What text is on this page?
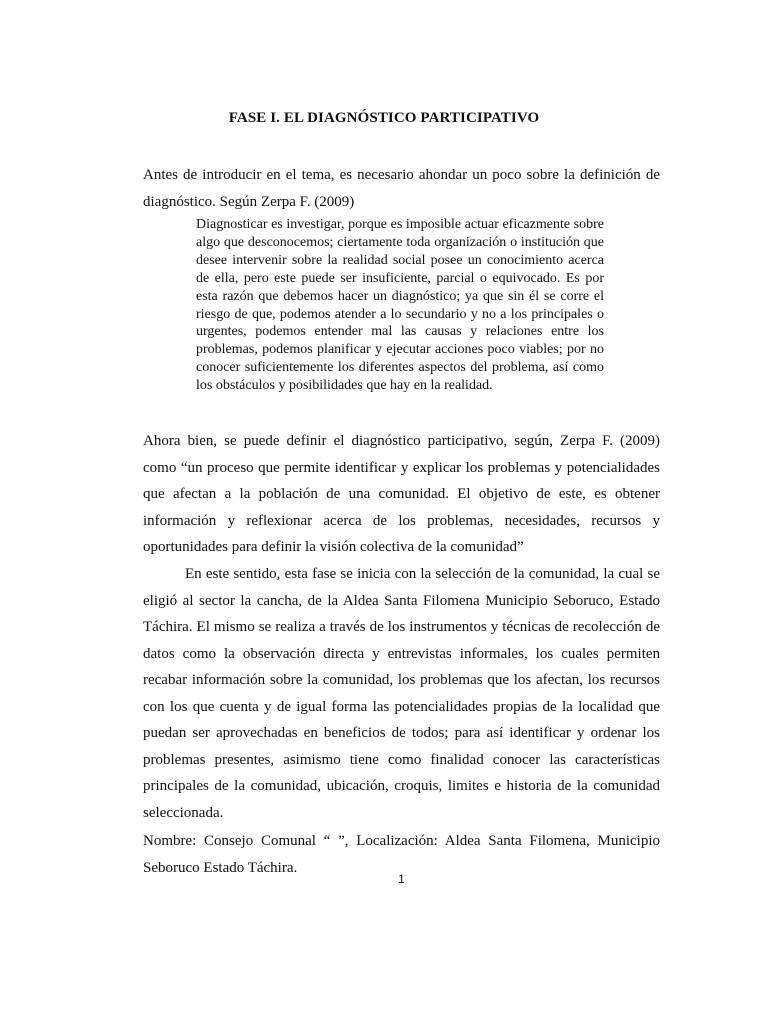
FASE I. EL DIAGNÓSTICO PARTICIPATIVO

Antes de introducir en el tema, es necesario ahondar un poco sobre la definición de diagnóstico. Según Zerpa F. (2009)

Diagnosticar es investigar, porque es imposible actuar eficazmente sobre algo que desconocemos; ciertamente toda organización o institución que desee intervenir sobre la realidad social posee un conocimiento acerca de ella, pero este puede ser insuficiente, parcial o equivocado. Es por esta razón que debemos hacer un diagnóstico; ya que sin él se corre el riesgo de que, podemos atender a lo secundario y no a los principales o urgentes, podemos entender mal las causas y relaciones entre los problemas, podemos planificar y ejecutar acciones poco viables; por no conocer suficientemente los diferentes aspectos del problema, así como los obstáculos y posibilidades que hay en la realidad.

Ahora bien, se puede definir el diagnóstico participativo, según, Zerpa F. (2009) como “un proceso que permite identificar y explicar los problemas y potencialidades que afectan a la población de una comunidad. El objetivo de este, es obtener información y reflexionar acerca de los problemas, necesidades, recursos y oportunidades para definir la visión colectiva de la comunidad”

En este sentido, esta fase se inicia con la selección de la comunidad, la cual se eligió al sector la cancha, de la Aldea Santa Filomena Municipio Seboruco, Estado Táchira. El mismo se realiza a través de los instrumentos y técnicas de recolección de datos como la observación directa y entrevistas informales, los cuales permiten recabar información sobre la comunidad, los problemas que los afectan, los recursos con los que cuenta y de igual forma las potencialidades propias de la localidad que puedan ser aprovechadas en beneficios de todos; para así identificar y ordenar los problemas presentes, asimismo tiene como finalidad conocer las características principales de la comunidad, ubicación, croquis, limites e historia de la comunidad seleccionada.

Nombre: Consejo Comunal “ ”, Localización: Aldea Santa Filomena, Municipio Seboruco Estado Táchira.

1
